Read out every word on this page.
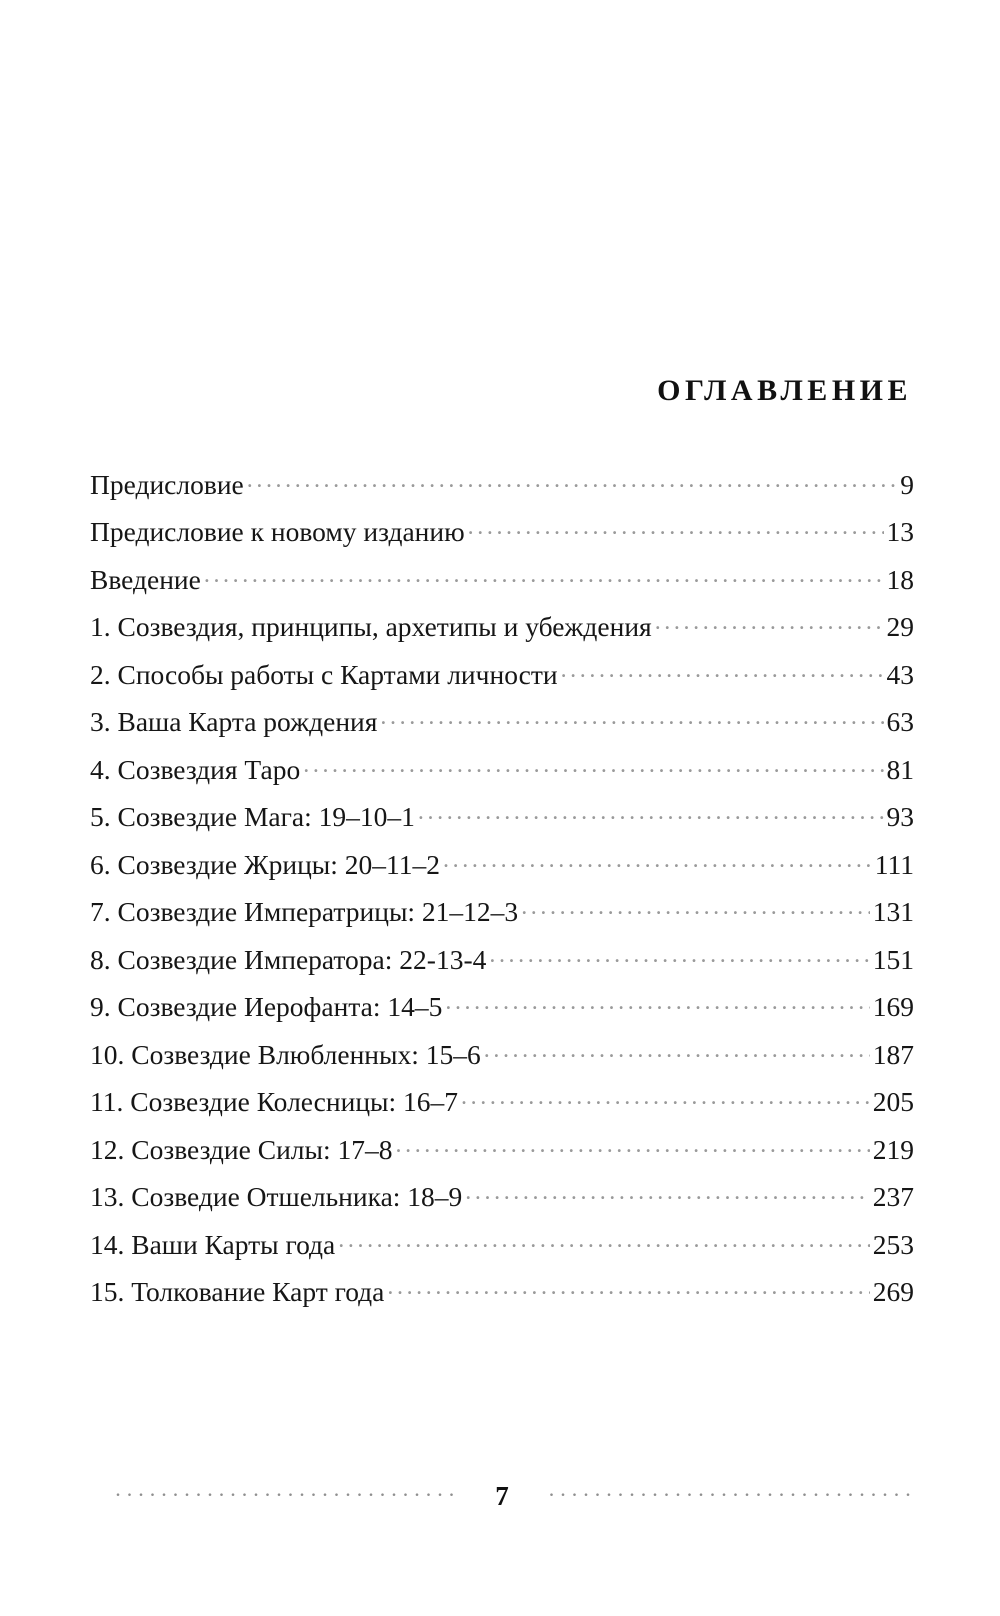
ОГЛАВЛЕНИЕ
Предисловие .....	9
Предисловие к новому изданию .....	13
Введение .....	18
1. Созвездия, принципы, архетипы и убеждения .....	29
2. Способы работы с Картами личности .....	43
3. Ваша Карта рождения .....	63
4. Созвездия Таро .....	81
5. Созвездие Мага: 19–10–1 .....	93
6. Созвездие Жрицы: 20–11–2 .....	111
7. Созвездие Императрицы: 21–12–3 .....	131
8. Созвездие Императора: 22-13-4 .....	151
9. Созвездие Иерофанта: 14–5 .....	169
10. Созвездие Влюбленных: 15–6 .....	187
11. Созвездие Колесницы: 16–7 .....	205
12. Созвездие Силы: 17–8 .....	219
13. Созведие Отшельника: 18–9 .....	237
14. Ваши Карты года .....	253
15. Толкование Карт года .....	269
.....
7
.....
